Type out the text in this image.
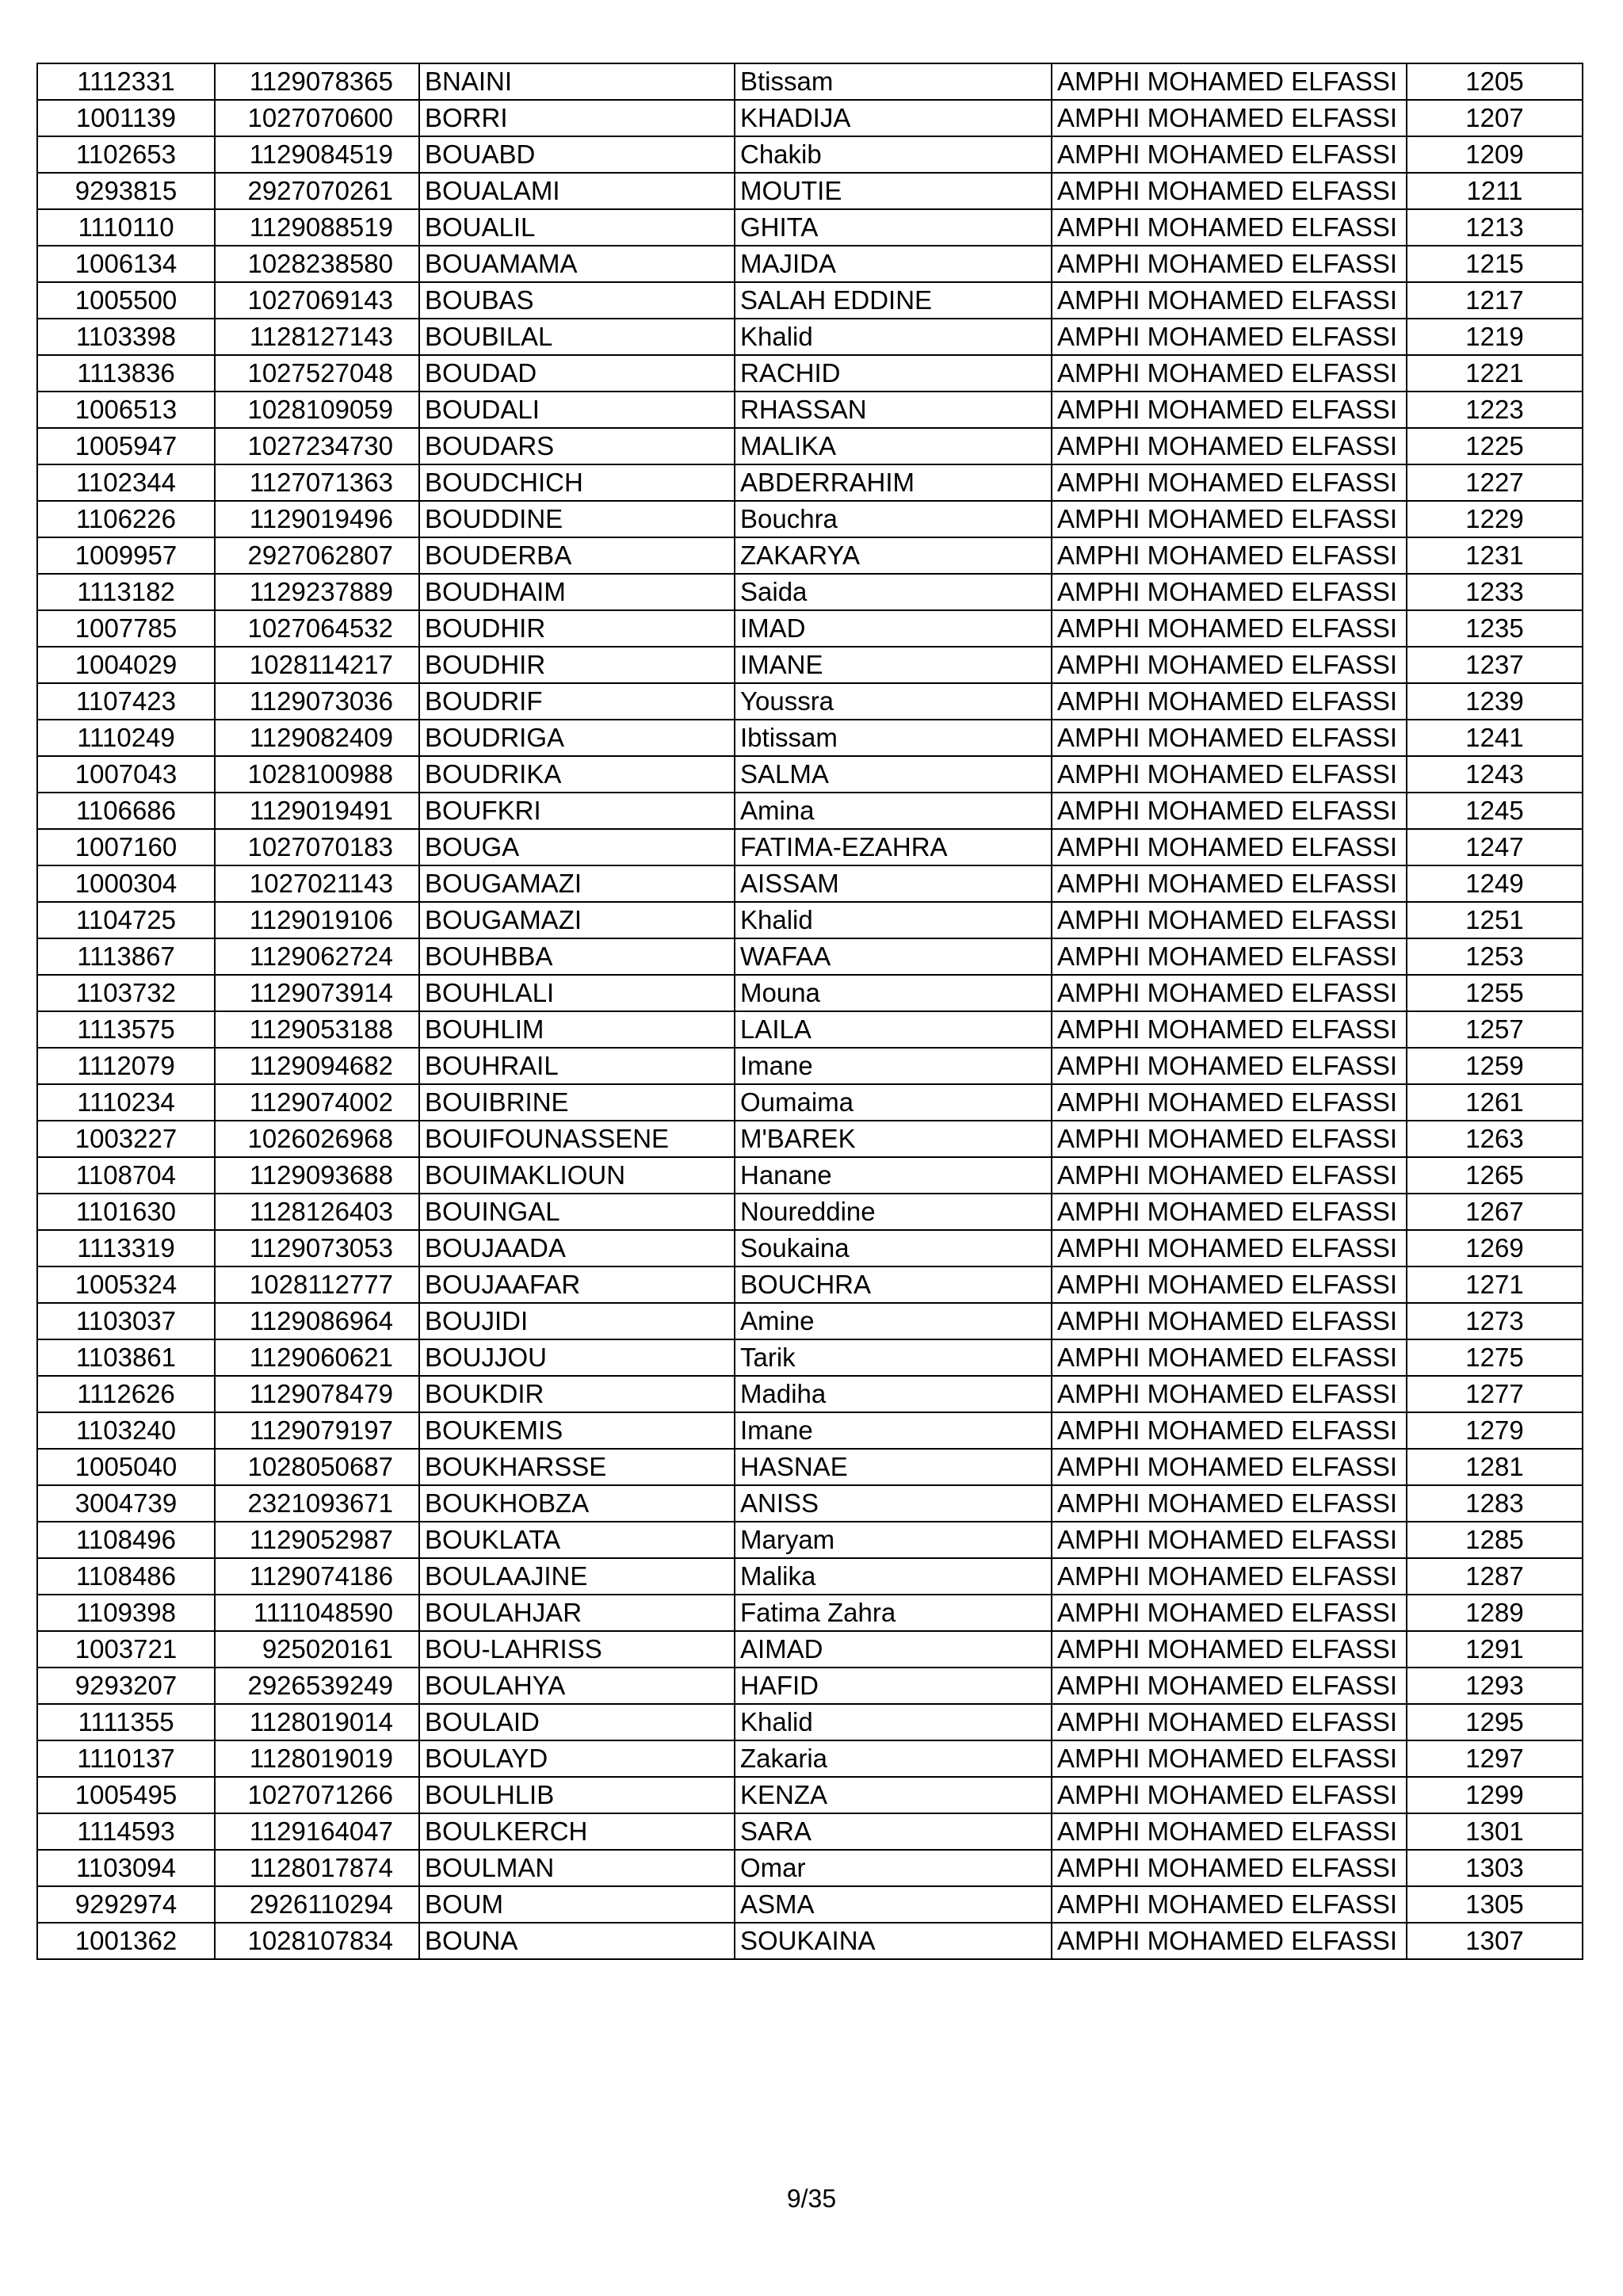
1112331	1129078365	BNAINI	Btissam	AMPHI MOHAMED ELFASSI	1205
1001139	1027070600	BORRI	KHADIJA	AMPHI MOHAMED ELFASSI	1207
1102653	1129084519	BOUABD	Chakib	AMPHI MOHAMED ELFASSI	1209
9293815	2927070261	BOUALAMI	MOUTIE	AMPHI MOHAMED ELFASSI	1211
1110110	1129088519	BOUALIL	GHITA	AMPHI MOHAMED ELFASSI	1213
1006134	1028238580	BOUAMAMA	MAJIDA	AMPHI MOHAMED ELFASSI	1215
1005500	1027069143	BOUBAS	SALAH EDDINE	AMPHI MOHAMED ELFASSI	1217
1103398	1128127143	BOUBILAL	Khalid	AMPHI MOHAMED ELFASSI	1219
1113836	1027527048	BOUDAD	RACHID	AMPHI MOHAMED ELFASSI	1221
1006513	1028109059	BOUDALI	RHASSAN	AMPHI MOHAMED ELFASSI	1223
1005947	1027234730	BOUDARS	MALIKA	AMPHI MOHAMED ELFASSI	1225
1102344	1127071363	BOUDCHICH	ABDERRAHIM	AMPHI MOHAMED ELFASSI	1227
1106226	1129019496	BOUDDINE	Bouchra	AMPHI MOHAMED ELFASSI	1229
1009957	2927062807	BOUDERBA	ZAKARYA	AMPHI MOHAMED ELFASSI	1231
1113182	1129237889	BOUDHAIM	Saida	AMPHI MOHAMED ELFASSI	1233
1007785	1027064532	BOUDHIR	IMAD	AMPHI MOHAMED ELFASSI	1235
1004029	1028114217	BOUDHIR	IMANE	AMPHI MOHAMED ELFASSI	1237
1107423	1129073036	BOUDRIF	Youssra	AMPHI MOHAMED ELFASSI	1239
1110249	1129082409	BOUDRIGA	Ibtissam	AMPHI MOHAMED ELFASSI	1241
1007043	1028100988	BOUDRIKA	SALMA	AMPHI MOHAMED ELFASSI	1243
1106686	1129019491	BOUFKRI	Amina	AMPHI MOHAMED ELFASSI	1245
1007160	1027070183	BOUGA	FATIMA-EZAHRA	AMPHI MOHAMED ELFASSI	1247
1000304	1027021143	BOUGAMAZI	AISSAM	AMPHI MOHAMED ELFASSI	1249
1104725	1129019106	BOUGAMAZI	Khalid	AMPHI MOHAMED ELFASSI	1251
1113867	1129062724	BOUHBBA	WAFAA	AMPHI MOHAMED ELFASSI	1253
1103732	1129073914	BOUHLALI	Mouna	AMPHI MOHAMED ELFASSI	1255
1113575	1129053188	BOUHLIM	LAILA	AMPHI MOHAMED ELFASSI	1257
1112079	1129094682	BOUHRAIL	Imane	AMPHI MOHAMED ELFASSI	1259
1110234	1129074002	BOUIBRINE	Oumaima	AMPHI MOHAMED ELFASSI	1261
1003227	1026026968	BOUIFOUNASSENE	M'BAREK	AMPHI MOHAMED ELFASSI	1263
1108704	1129093688	BOUIMAKLIOUN	Hanane	AMPHI MOHAMED ELFASSI	1265
1101630	1128126403	BOUINGAL	Noureddine	AMPHI MOHAMED ELFASSI	1267
1113319	1129073053	BOUJAADA	Soukaina	AMPHI MOHAMED ELFASSI	1269
1005324	1028112777	BOUJAAFAR	BOUCHRA	AMPHI MOHAMED ELFASSI	1271
1103037	1129086964	BOUJIDI	Amine	AMPHI MOHAMED ELFASSI	1273
1103861	1129060621	BOUJJOU	Tarik	AMPHI MOHAMED ELFASSI	1275
1112626	1129078479	BOUKDIR	Madiha	AMPHI MOHAMED ELFASSI	1277
1103240	1129079197	BOUKEMIS	Imane	AMPHI MOHAMED ELFASSI	1279
1005040	1028050687	BOUKHARSSE	HASNAE	AMPHI MOHAMED ELFASSI	1281
3004739	2321093671	BOUKHOBZA	ANISS	AMPHI MOHAMED ELFASSI	1283
1108496	1129052987	BOUKLATA	Maryam	AMPHI MOHAMED ELFASSI	1285
1108486	1129074186	BOULAAJINE	Malika	AMPHI MOHAMED ELFASSI	1287
1109398	1111048590	BOULAHJAR	Fatima Zahra	AMPHI MOHAMED ELFASSI	1289
1003721	925020161	BOU-LAHRISS	AIMAD	AMPHI MOHAMED ELFASSI	1291
9293207	2926539249	BOULAHYA	HAFID	AMPHI MOHAMED ELFASSI	1293
1111355	1128019014	BOULAID	Khalid	AMPHI MOHAMED ELFASSI	1295
1110137	1128019019	BOULAYD	Zakaria	AMPHI MOHAMED ELFASSI	1297
1005495	1027071266	BOULHLIB	KENZA	AMPHI MOHAMED ELFASSI	1299
1114593	1129164047	BOULKERCH	SARA	AMPHI MOHAMED ELFASSI	1301
1103094	1128017874	BOULMAN	Omar	AMPHI MOHAMED ELFASSI	1303
9292974	2926110294	BOUM	ASMA	AMPHI MOHAMED ELFASSI	1305
1001362	1028107834	BOUNA	SOUKAINA	AMPHI MOHAMED ELFASSI	1307
9/35
